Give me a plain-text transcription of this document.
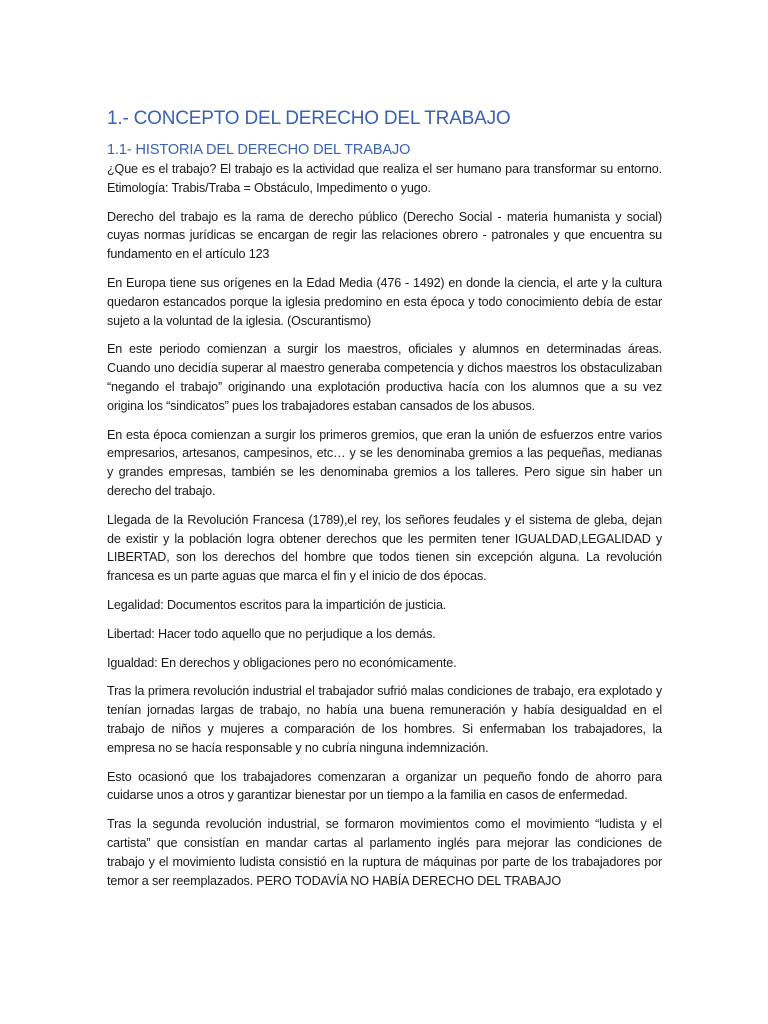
1.- CONCEPTO DEL DERECHO DEL TRABAJO
1.1- HISTORIA DEL DERECHO DEL TRABAJO

¿Que es el trabajo? El trabajo es la actividad que realiza el ser humano para transformar su entorno. Etimología: Trabis/Traba = Obstáculo, Impedimento o yugo.

Derecho del trabajo es la rama de derecho público (Derecho Social - materia humanista y social) cuyas normas jurídicas se encargan de regir las relaciones obrero - patronales y que encuentra su fundamento en el artículo 123

En Europa tiene sus orígenes en la Edad Media (476 - 1492) en donde la ciencia, el arte y la cultura quedaron estancados porque la iglesia predomino en esta época y todo conocimiento debía de estar sujeto a la voluntad de la iglesia. (Oscurantismo)

En este periodo comienzan a surgir los maestros, oficiales y alumnos en determinadas áreas. Cuando uno decidía superar al maestro generaba competencia y dichos maestros los obstaculizaban “negando el trabajo” originando una explotación productiva hacía con los alumnos que a su vez origina los “sindicatos” pues los trabajadores estaban cansados de los abusos.

En esta época comienzan a surgir los primeros gremios, que eran la unión de esfuerzos entre varios empresarios, artesanos, campesinos, etc… y se les denominaba gremios a las pequeñas, medianas y grandes empresas, también se les denominaba gremios a los talleres. Pero sigue sin haber un derecho del trabajo.

Llegada de la Revolución Francesa (1789),el rey, los señores feudales y el sistema de gleba, dejan de existir y la población logra obtener derechos que les permiten tener IGUALDAD,LEGALIDAD y LIBERTAD, son los derechos del hombre que todos tienen sin excepción alguna. La revolución francesa es un parte aguas que marca el fin y el inicio de dos épocas.

Legalidad: Documentos escritos para la impartición de justicia.

Libertad: Hacer todo aquello que no perjudique a los demás.

Igualdad: En derechos y obligaciones pero no económicamente.

Tras la primera revolución industrial el trabajador sufrió malas condiciones de trabajo, era explotado y tenían jornadas largas de trabajo, no había una buena remuneración y había desigualdad en el trabajo de niños y mujeres a comparación de los hombres. Si enfermaban los trabajadores, la empresa no se hacía responsable y no cubría ninguna indemnización.

Esto ocasionó que los trabajadores comenzaran a organizar un pequeño fondo de ahorro para cuidarse unos a otros y garantizar bienestar por un tiempo a la familia en casos de enfermedad.

Tras la segunda revolución industrial, se formaron movimientos como el movimiento “ludista y el cartista” que consistían en mandar cartas al parlamento inglés para mejorar las condiciones de trabajo y el movimiento ludista consistió en la ruptura de máquinas por parte de los trabajadores por temor a ser reemplazados. PERO TODAVÍA NO HABÍA DERECHO DEL TRABAJO
